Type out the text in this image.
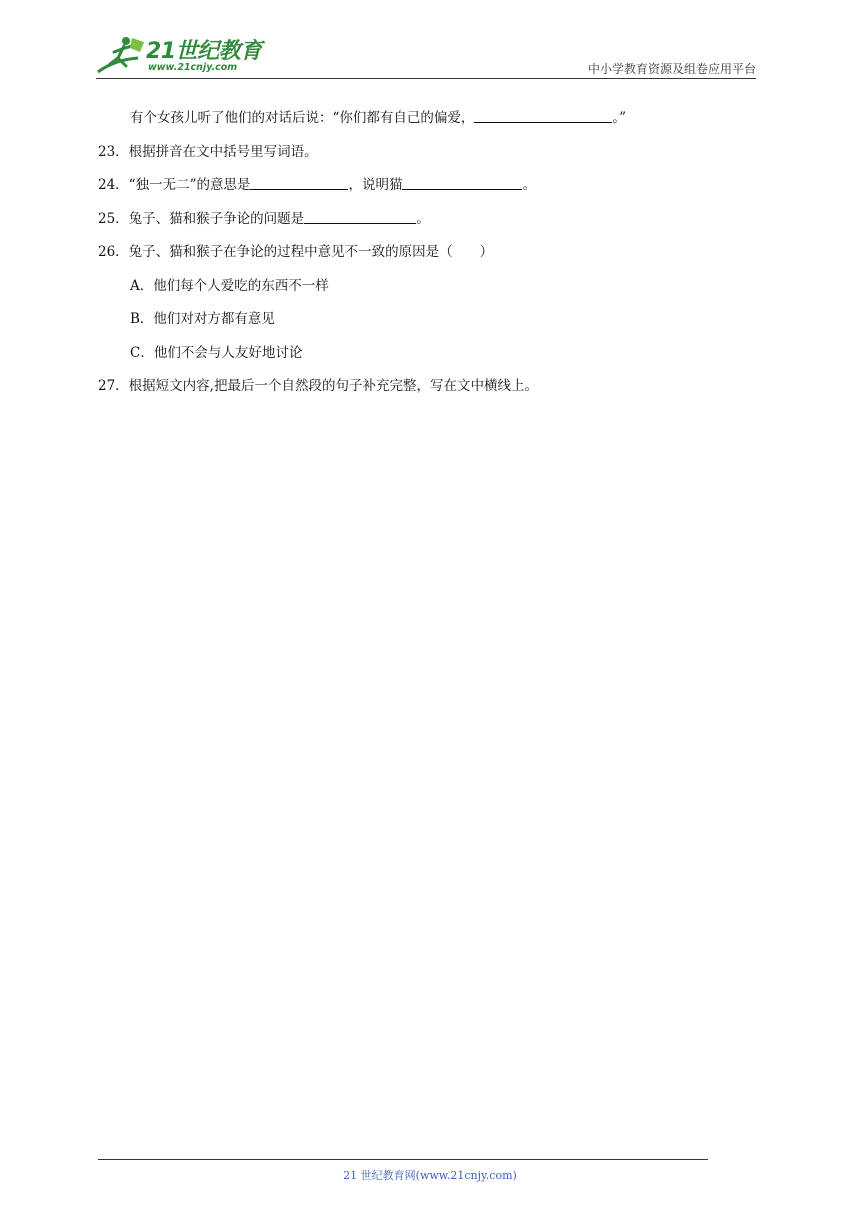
21世纪教育
www.21cnjy.com	中小学教育资源及组卷应用平台
有个女孩儿听了他们的对话后说：“你们都有自己的偏爱，	。”
23．根据拼音在文中括号里写词语。
24．“独一无二”的意思是	，说明猫	。
25．兔子、猫和猴子争论的问题是	。
26．兔子、猫和猴子在争论的过程中意见不一致的原因是（　　）
A．他们每个人爱吃的东西不一样
B．他们对对方都有意见
C．他们不会与人友好地讨论
27．根据短文内容,把最后一个自然段的句子补充完整，写在文中横线上。
21 世纪教育网(www.21cnjy.com)
